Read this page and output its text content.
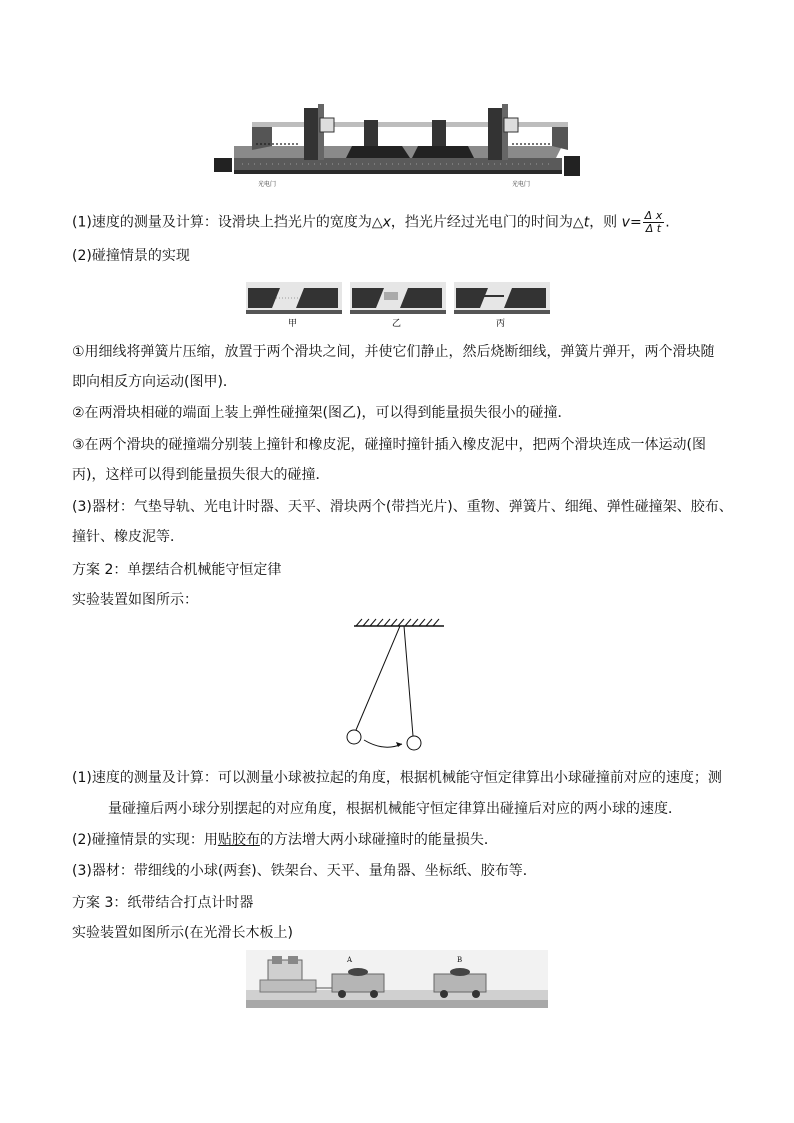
光电门	光电门
(1)速度的测量及计算：设滑块上挡光片的宽度为△x，挡光片经过光电门的时间为△t，则 $v= \frac{\text{Δ x}}{\text{Δ t}}$ .
(2)碰撞情景的实现
甲	乙	丙
①用细线将弹簧片压缩，放置于两个滑块之间，并使它们静止，然后烧断细线，弹簧片弹开，两个滑块随
即向相反方向运动(图甲)．
②在两滑块相碰的端面上装上弹性碰撞架(图乙)，可以得到能量损失很小的碰撞．
③在两个滑块的碰撞端分别装上撞针和橡皮泥，碰撞时撞针插入橡皮泥中，把两个滑块连成一体运动(图
丙)，这样可以得到能量损失很大的碰撞．
(3)器材：气垫导轨、光电计时器、天平、滑块两个(带挡光片)、重物、弹簧片、细绳、弹性碰撞架、胶布、
撞针、橡皮泥等．
方案 2：单摆结合机械能守恒定律
实验装置如图所示：
(1)速度的测量及计算：可以测量小球被拉起的角度，根据机械能守恒定律算出小球碰撞前对应的速度；测
量碰撞后两小球分别摆起的对应角度，根据机械能守恒定律算出碰撞后对应的两小球的速度．
(2)碰撞情景的实现：用贴胶布的方法增大两小球碰撞时的能量损失．
(3)器材：带细线的小球(两套)、铁架台、天平、量角器、坐标纸、胶布等．
方案 3：纸带结合打点计时器
实验装置如图所示(在光滑长木板上)
A	B
